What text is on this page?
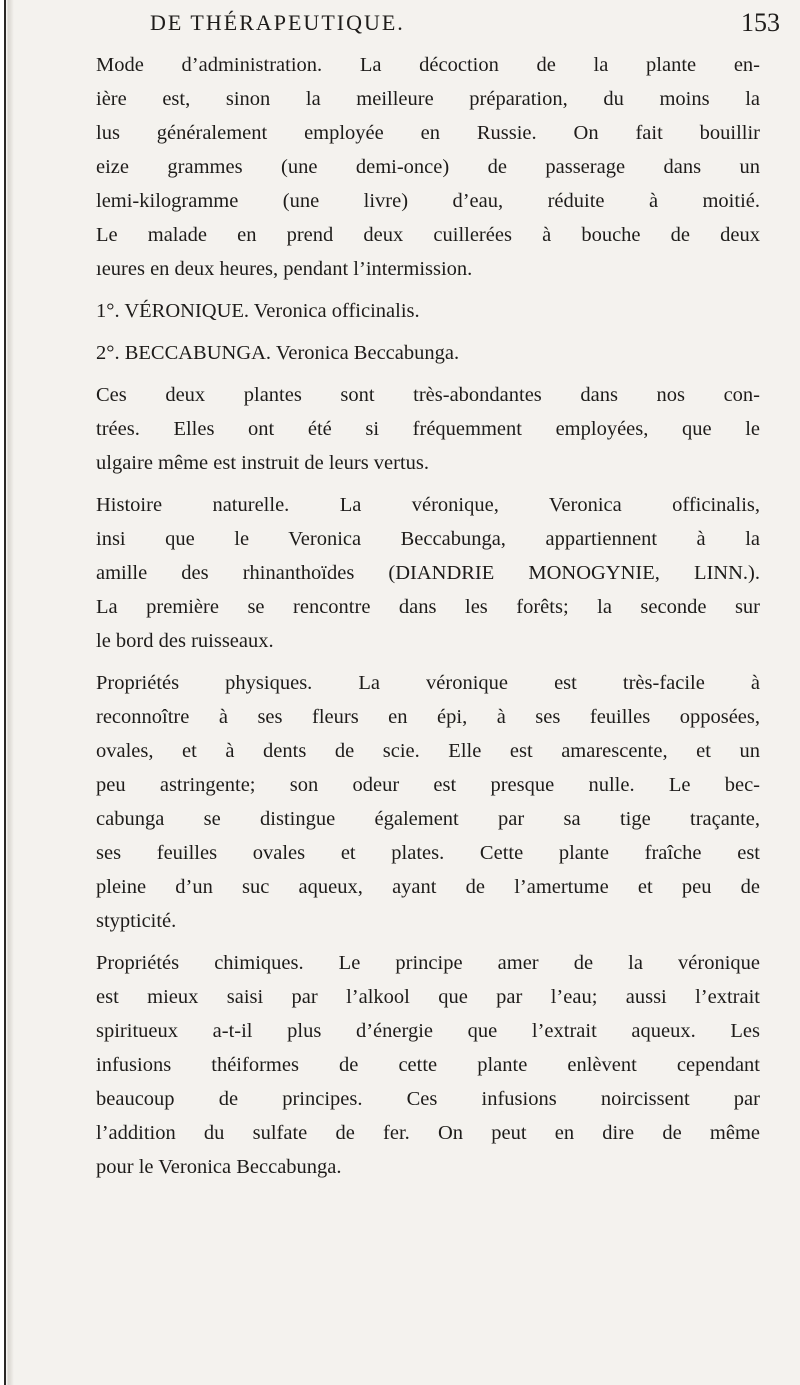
DE THÉRAPEUTIQUE.	153
Mode d’administration. La décoction de la plante en-
ière est, sinon la meilleure préparation, du moins la
lus généralement employée en Russie. On fait bouillir
eize grammes (une demi-once) de passerage dans un
lemi-kilogramme (une livre) d’eau, réduite à moitié.
Le malade en prend deux cuillerées à bouche de deux
ıeures en deux heures, pendant l’intermission.
1°. VÉRONIQUE. Veronica officinalis.
2°. BECCABUNGA. Veronica Beccabunga.
Ces deux plantes sont très-abondantes dans nos con-
trées. Elles ont été si fréquemment employées, que le
ulgaire même est instruit de leurs vertus.
Histoire naturelle. La véronique, Veronica officinalis,
insi que le Veronica Beccabunga, appartiennent à la
amille des rhinanthoïdes (DIANDRIE MONOGYNIE, LINN.).
La première se rencontre dans les forêts; la seconde sur
le bord des ruisseaux.
Propriétés physiques. La véronique est très-facile à
reconnoître à ses fleurs en épi, à ses feuilles opposées,
ovales, et à dents de scie. Elle est amarescente, et un
peu astringente; son odeur est presque nulle. Le bec-
cabunga se distingue également par sa tige traçante,
ses feuilles ovales et plates. Cette plante fraîche est
pleine d’un suc aqueux, ayant de l’amertume et peu de
stypticité.
Propriétés chimiques. Le principe amer de la véronique
est mieux saisi par l’alkool que par l’eau; aussi l’extrait
spiritueux a-t-il plus d’énergie que l’extrait aqueux. Les
infusions théiformes de cette plante enlèvent cependant
beaucoup de principes. Ces infusions noircissent par
l’addition du sulfate de fer. On peut en dire de même
pour le Veronica Beccabunga.
